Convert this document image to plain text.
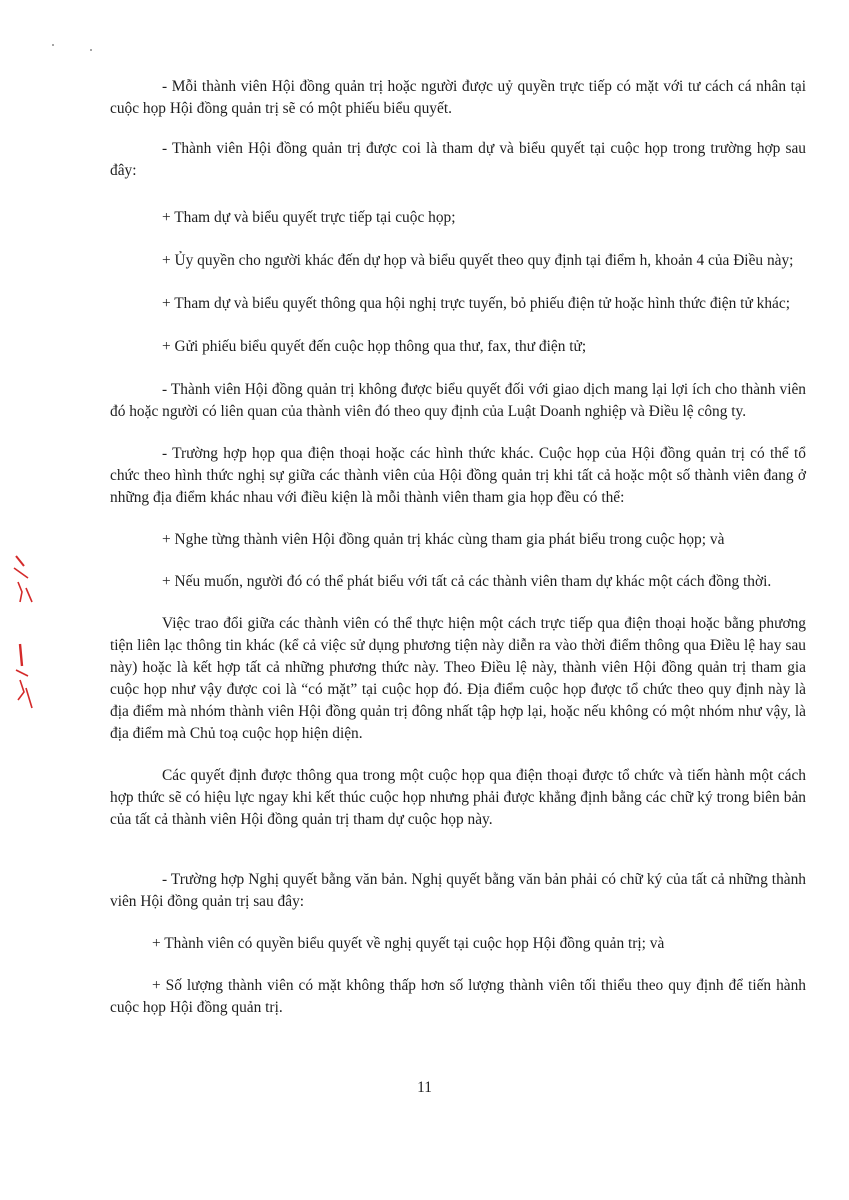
- Mỗi thành viên Hội đồng quản trị hoặc người được uỷ quyền trực tiếp có mặt với tư cách cá nhân tại cuộc họp Hội đồng quản trị sẽ có một phiếu biểu quyết.

- Thành viên Hội đồng quản trị được coi là tham dự và biểu quyết tại cuộc họp trong trường hợp sau đây:

+ Tham dự và biểu quyết trực tiếp tại cuộc họp;

+ Ủy quyền cho người khác đến dự họp và biểu quyết theo quy định tại điểm h, khoản 4 của Điều này;

+ Tham dự và biểu quyết thông qua hội nghị trực tuyến, bỏ phiếu điện tử hoặc hình thức điện tử khác;

+ Gửi phiếu biểu quyết đến cuộc họp thông qua thư, fax, thư điện tử;

- Thành viên Hội đồng quản trị không được biểu quyết đối với giao dịch mang lại lợi ích cho thành viên đó hoặc người có liên quan của thành viên đó theo quy định của Luật Doanh nghiệp và Điều lệ công ty.

- Trường hợp họp qua điện thoại hoặc các hình thức khác. Cuộc họp của Hội đồng quản trị có thể tổ chức theo hình thức nghị sự giữa các thành viên của Hội đồng quản trị khi tất cả hoặc một số thành viên đang ở những địa điểm khác nhau với điều kiện là mỗi thành viên tham gia họp đều có thể:

+ Nghe từng thành viên Hội đồng quản trị khác cùng tham gia phát biểu trong cuộc họp; và

+ Nếu muốn, người đó có thể phát biểu với tất cả các thành viên tham dự khác một cách đồng thời.

Việc trao đổi giữa các thành viên có thể thực hiện một cách trực tiếp qua điện thoại hoặc bằng phương tiện liên lạc thông tin khác (kể cả việc sử dụng phương tiện này diễn ra vào thời điểm thông qua Điều lệ hay sau này) hoặc là kết hợp tất cả những phương thức này. Theo Điều lệ này, thành viên Hội đồng quản trị tham gia cuộc họp như vậy được coi là “có mặt” tại cuộc họp đó. Địa điểm cuộc họp được tổ chức theo quy định này là địa điểm mà nhóm thành viên Hội đồng quản trị đông nhất tập hợp lại, hoặc nếu không có một nhóm như vậy, là địa điểm mà Chủ toạ cuộc họp hiện diện.

Các quyết định được thông qua trong một cuộc họp qua điện thoại được tổ chức và tiến hành một cách hợp thức sẽ có hiệu lực ngay khi kết thúc cuộc họp nhưng phải được khẳng định bằng các chữ ký trong biên bản của tất cả thành viên Hội đồng quản trị tham dự cuộc họp này.

- Trường hợp Nghị quyết bằng văn bản. Nghị quyết bằng văn bản phải có chữ ký của tất cả những thành viên Hội đồng quản trị sau đây:

+ Thành viên có quyền biểu quyết về nghị quyết tại cuộc họp Hội đồng quản trị; và

+ Số lượng thành viên có mặt không thấp hơn số lượng thành viên tối thiểu theo quy định để tiến hành cuộc họp Hội đồng quản trị.

11
